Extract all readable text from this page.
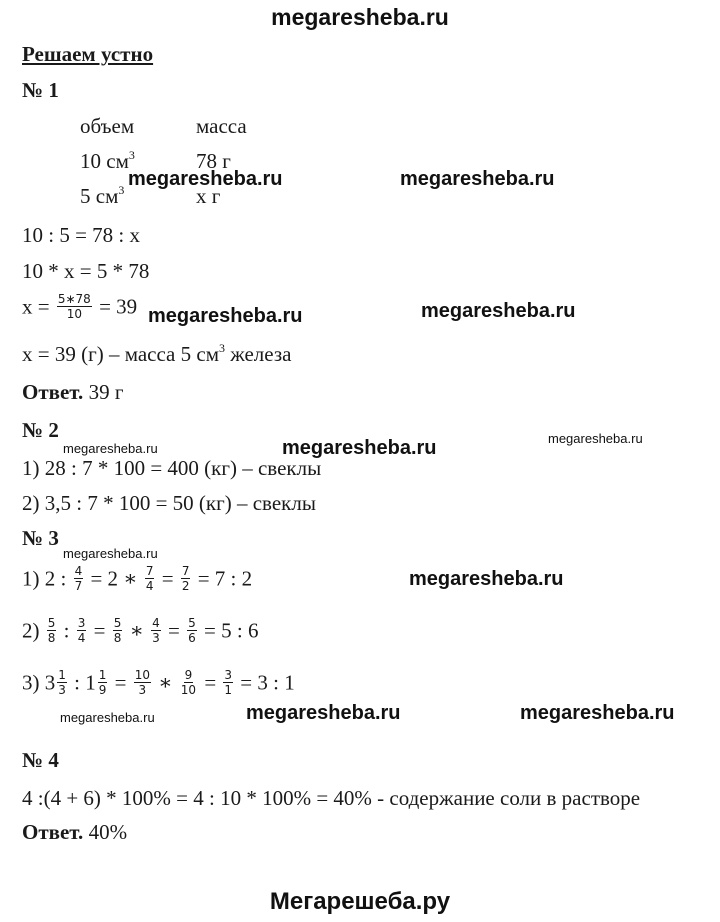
megaresheba.ru
Решаем устно
№ 1
объем	масса
10 $см^3$	78 г
5 $см^3$	х г
10 : 5 = 78 : х
10 * х = 5 * 78
$х = \frac{5∗78}{10} = 39$
х = 39 (г) – масса 5 $см^3$ железа
Ответ. 39 г
№ 2
1) 28 : 7 * 100 = 400 (кг) – свеклы
2) 3,5 : 7 * 100 = 50 (кг) – свеклы
№ 3
1) 2 : $\frac{4}{7} = 2$ ∗ $\frac{7}{4} = \frac{7}{2} = 7$ : 2
$2) \frac{5}{8}$ : $\frac{3}{4} = \frac{5}{8}$ ∗ $\frac{4}{3} = \frac{5}{6} = 5$ : 6
3) $3 \frac{1}{3}$ : $1 \frac{1}{9} = \frac{10}{3}$ ∗ $\frac{9}{10} = \frac{3}{1} = 3$ : 1
№ 4
4 :(4 + 6) * 100% = 4 : 10 * 100% = 40% - содержание соли в растворе
Ответ. 40%
megaresheba.ru	megaresheba.ru
megaresheba.ru	megaresheba.ru
megaresheba.ru	megaresheba.ru	megaresheba.ru
megaresheba.ru
megaresheba.ru
megaresheba.ru	megaresheba.ru	megaresheba.ru
Мегарешеба.ру
